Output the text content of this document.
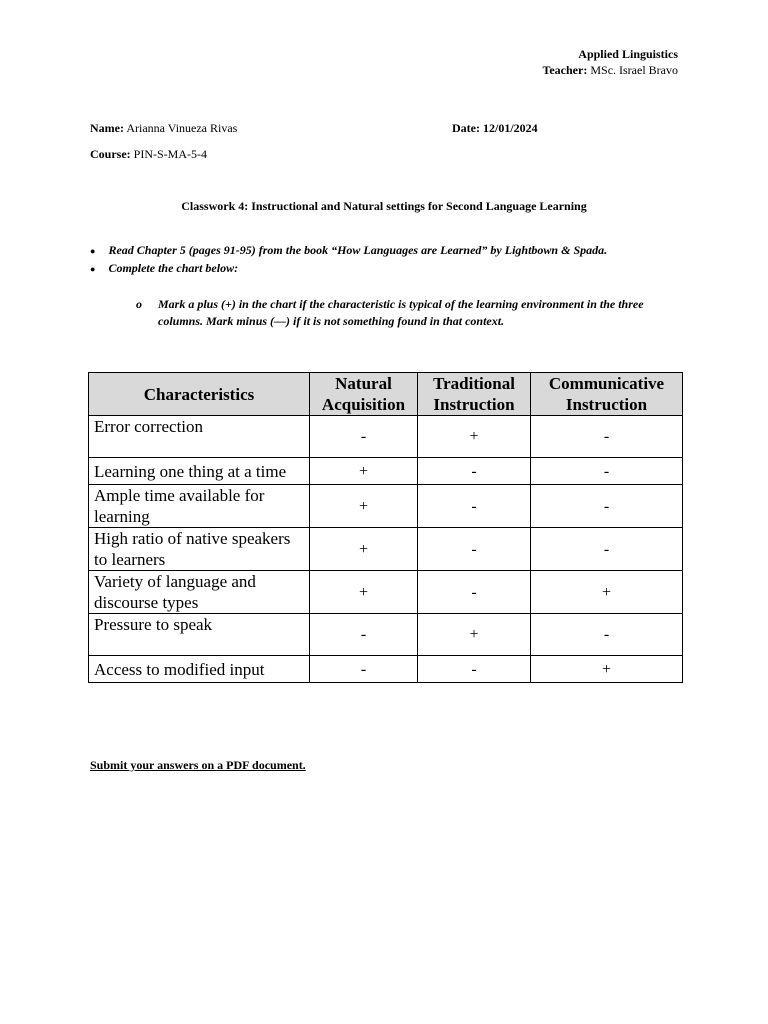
Applied Linguistics
Teacher: MSc. Israel Bravo
Name: Arianna Vinueza Rivas	Date: 12/01/2024
Course: PIN-S-MA-5-4
Classwork 4: Instructional and Natural settings for Second Language Learning
● Read Chapter 5 (pages 91-95) from the book “How Languages are Learned” by Lightbown & Spada.
● Complete the chart below:
o Mark a plus (+) in the chart if the characteristic is typical of the learning environment in the three
columns. Mark minus (—) if it is not something found in that context.
Characteristics	Natural Acquisition	Traditional Instruction	Communicative Instruction
Error correction	-	+	-
Learning one thing at a time	+	-	-
Ample time available for learning	+	-	-
High ratio of native speakers to learners	+	-	-
Variety of language and discourse types	+	-	+
Pressure to speak	-	+	-
Access to modified input	-	-	+
Submit your answers on a PDF document.
